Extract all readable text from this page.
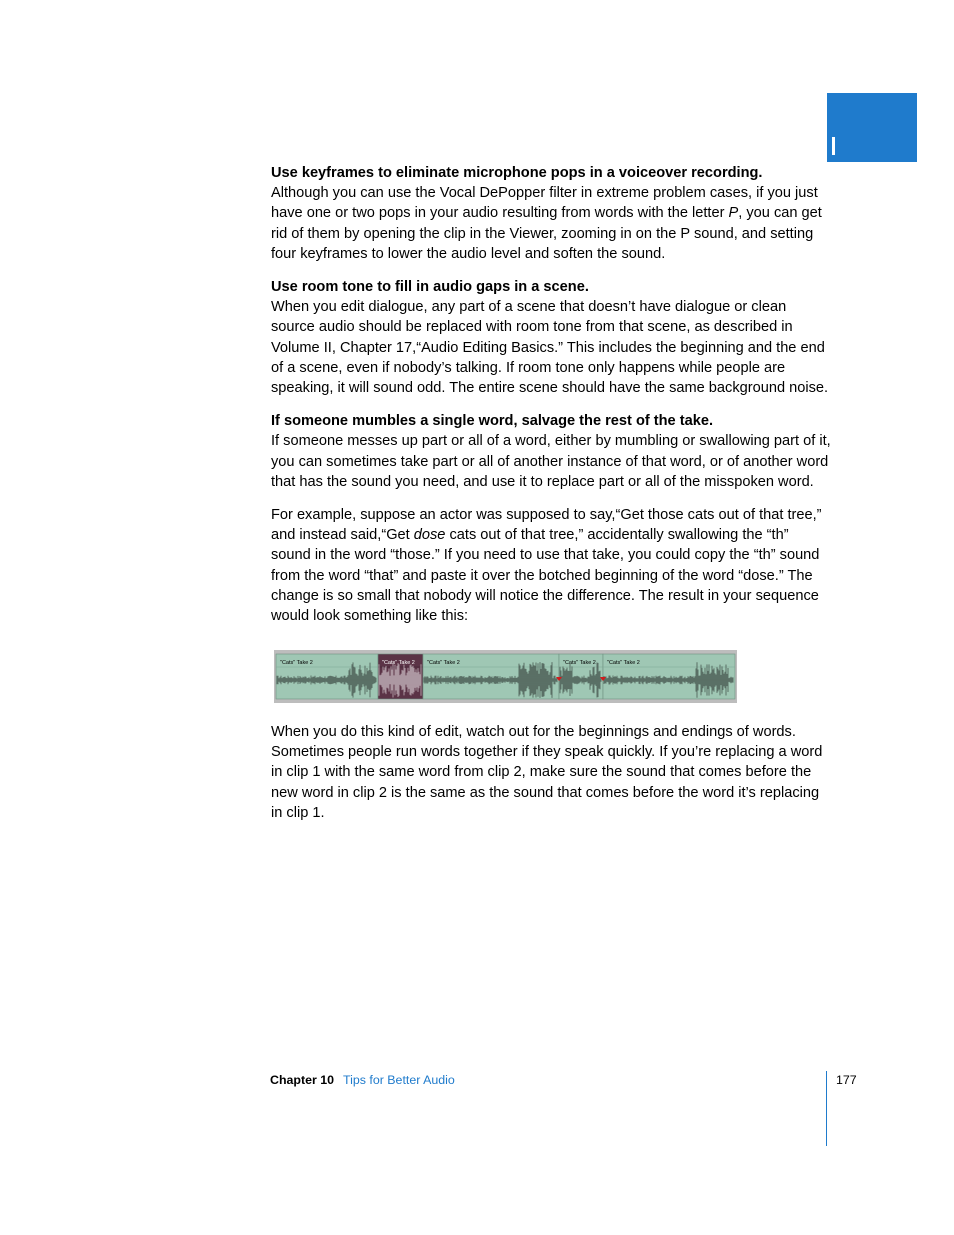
Use keyframes to eliminate microphone pops in a voiceover recording.

Although you can use the Vocal DePopper filter in extreme problem cases, if you just have one or two pops in your audio resulting from words with the letter P, you can get rid of them by opening the clip in the Viewer, zooming in on the P sound, and setting four keyframes to lower the audio level and soften the sound.

Use room tone to fill in audio gaps in a scene.

When you edit dialogue, any part of a scene that doesn’t have dialogue or clean source audio should be replaced with room tone from that scene, as described in Volume II, Chapter 17,“Audio Editing Basics.” This includes the beginning and the end of a scene, even if nobody’s talking. If room tone only happens while people are speaking, it will sound odd. The entire scene should have the same background noise.

If someone mumbles a single word, salvage the rest of the take.

If someone messes up part or all of a word, either by mumbling or swallowing part of it, you can sometimes take part or all of another instance of that word, or of another word that has the sound you need, and use it to replace part or all of the misspoken word.

For example, suppose an actor was supposed to say,“Get those cats out of that tree,” and instead said,“Get dose cats out of that tree,” accidentally swallowing the “th” sound in the word “those.” If you need to use that take, you could copy the “th” sound from the word “that” and paste it over the botched beginning of the word “dose.” The change is so small that nobody will notice the difference. The result in your sequence would look something like this:

"Cats" Take 2	"Cats" Take 2 "Cats" Take 2	"Cats" Take 2 "Cats" Take 2

When you do this kind of edit, watch out for the beginnings and endings of words. Sometimes people run words together if they speak quickly. If you’re replacing a word in clip 1 with the same word from clip 2, make sure the sound that comes before the new word in clip 2 is the same as the sound that comes before the word it’s replacing in clip 1.

Chapter 10 Tips for Better Audio	177
